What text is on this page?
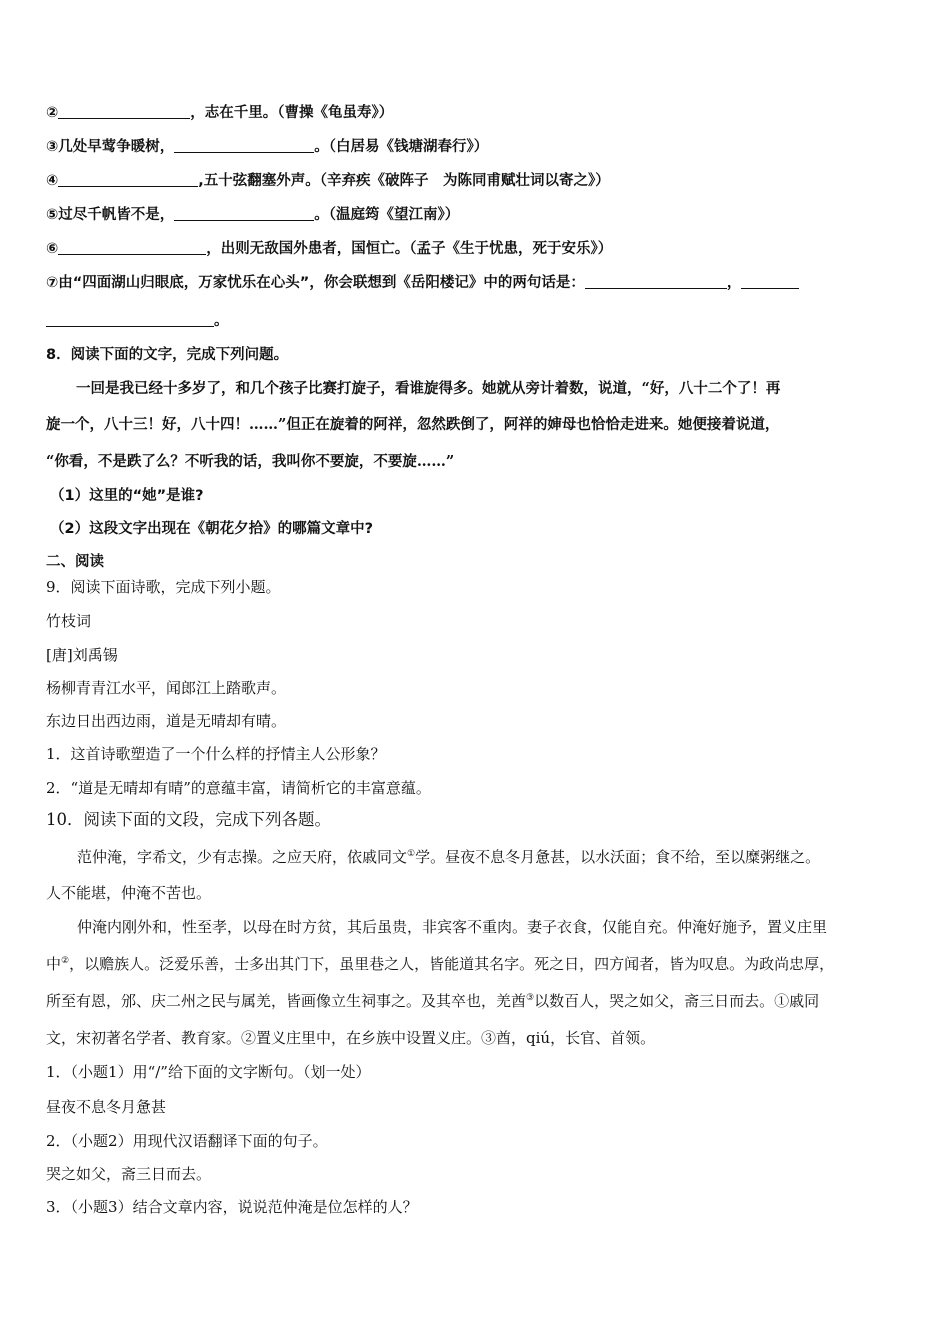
②	，志在千里。（曹操《龟虽寿》）
③几处早莺争暖树，	。（白居易《钱塘湖春行》）
④	,五十弦翻塞外声。（辛弃疾《破阵子　为陈同甫赋壮词以寄之》）
⑤过尽千帆皆不是，	。（温庭筠《望江南》）
⑥	，出则无敌国外患者，国恒亡。（孟子《生于忧患，死于安乐》）
⑦由“四面湖山归眼底，万家忧乐在心头”，你会联想到《岳阳楼记》中的两句话是：	，
。
8．阅读下面的文字，完成下列问题。
一回是我已经十多岁了，和几个孩子比赛打旋子，看谁旋得多。她就从旁计着数，说道，“好，八十二个了！再
旋一个，八十三！好，八十四！……”但正在旋着的阿祥，忽然跌倒了，阿祥的婶母也恰恰走进来。她便接着说道，
“你看，不是跌了么？不听我的话，我叫你不要旋，不要旋……”
（1）这里的“她”是谁?
（2）这段文字出现在《朝花夕拾》的哪篇文章中?
二、阅读
9．阅读下面诗歌，完成下列小题。
竹枝词
[唐]刘禹锡
杨柳青青江水平，闻郎江上踏歌声。
东边日出西边雨，道是无晴却有晴。
1．这首诗歌塑造了一个什么样的抒情主人公形象？
2．“道是无晴却有晴”的意蕴丰富，请简析它的丰富意蕴。
10．阅读下面的文段，完成下列各题。
范仲淹，字希文，少有志操。之应天府，依戚同文①学。昼夜不息冬月惫甚，以水沃面；食不给，至以糜粥继之。
人不能堪，仲淹不苦也。
仲淹内刚外和，性至孝，以母在时方贫，其后虽贵，非宾客不重肉。妻子衣食，仅能自充。仲淹好施予，置义庄里
中②，以赡族人。泛爱乐善，士多出其门下，虽里巷之人，皆能道其名字。死之日，四方闻者，皆为叹息。为政尚忠厚，
所至有恩，邠、庆二州之民与属羌，皆画像立生祠事之。及其卒也，羌酋③以数百人，哭之如父，斋三日而去。①戚同
文，宋初著名学者、教育家。②置义庄里中，在乡族中设置义庄。③酋，qiú，长官、首领。
1．（小题1）用“/”给下面的文字断句。（划一处）
昼夜不息冬月惫甚
2．（小题2）用现代汉语翻译下面的句子。
哭之如父，斋三日而去。
3．（小题3）结合文章内容，说说范仲淹是位怎样的人？
